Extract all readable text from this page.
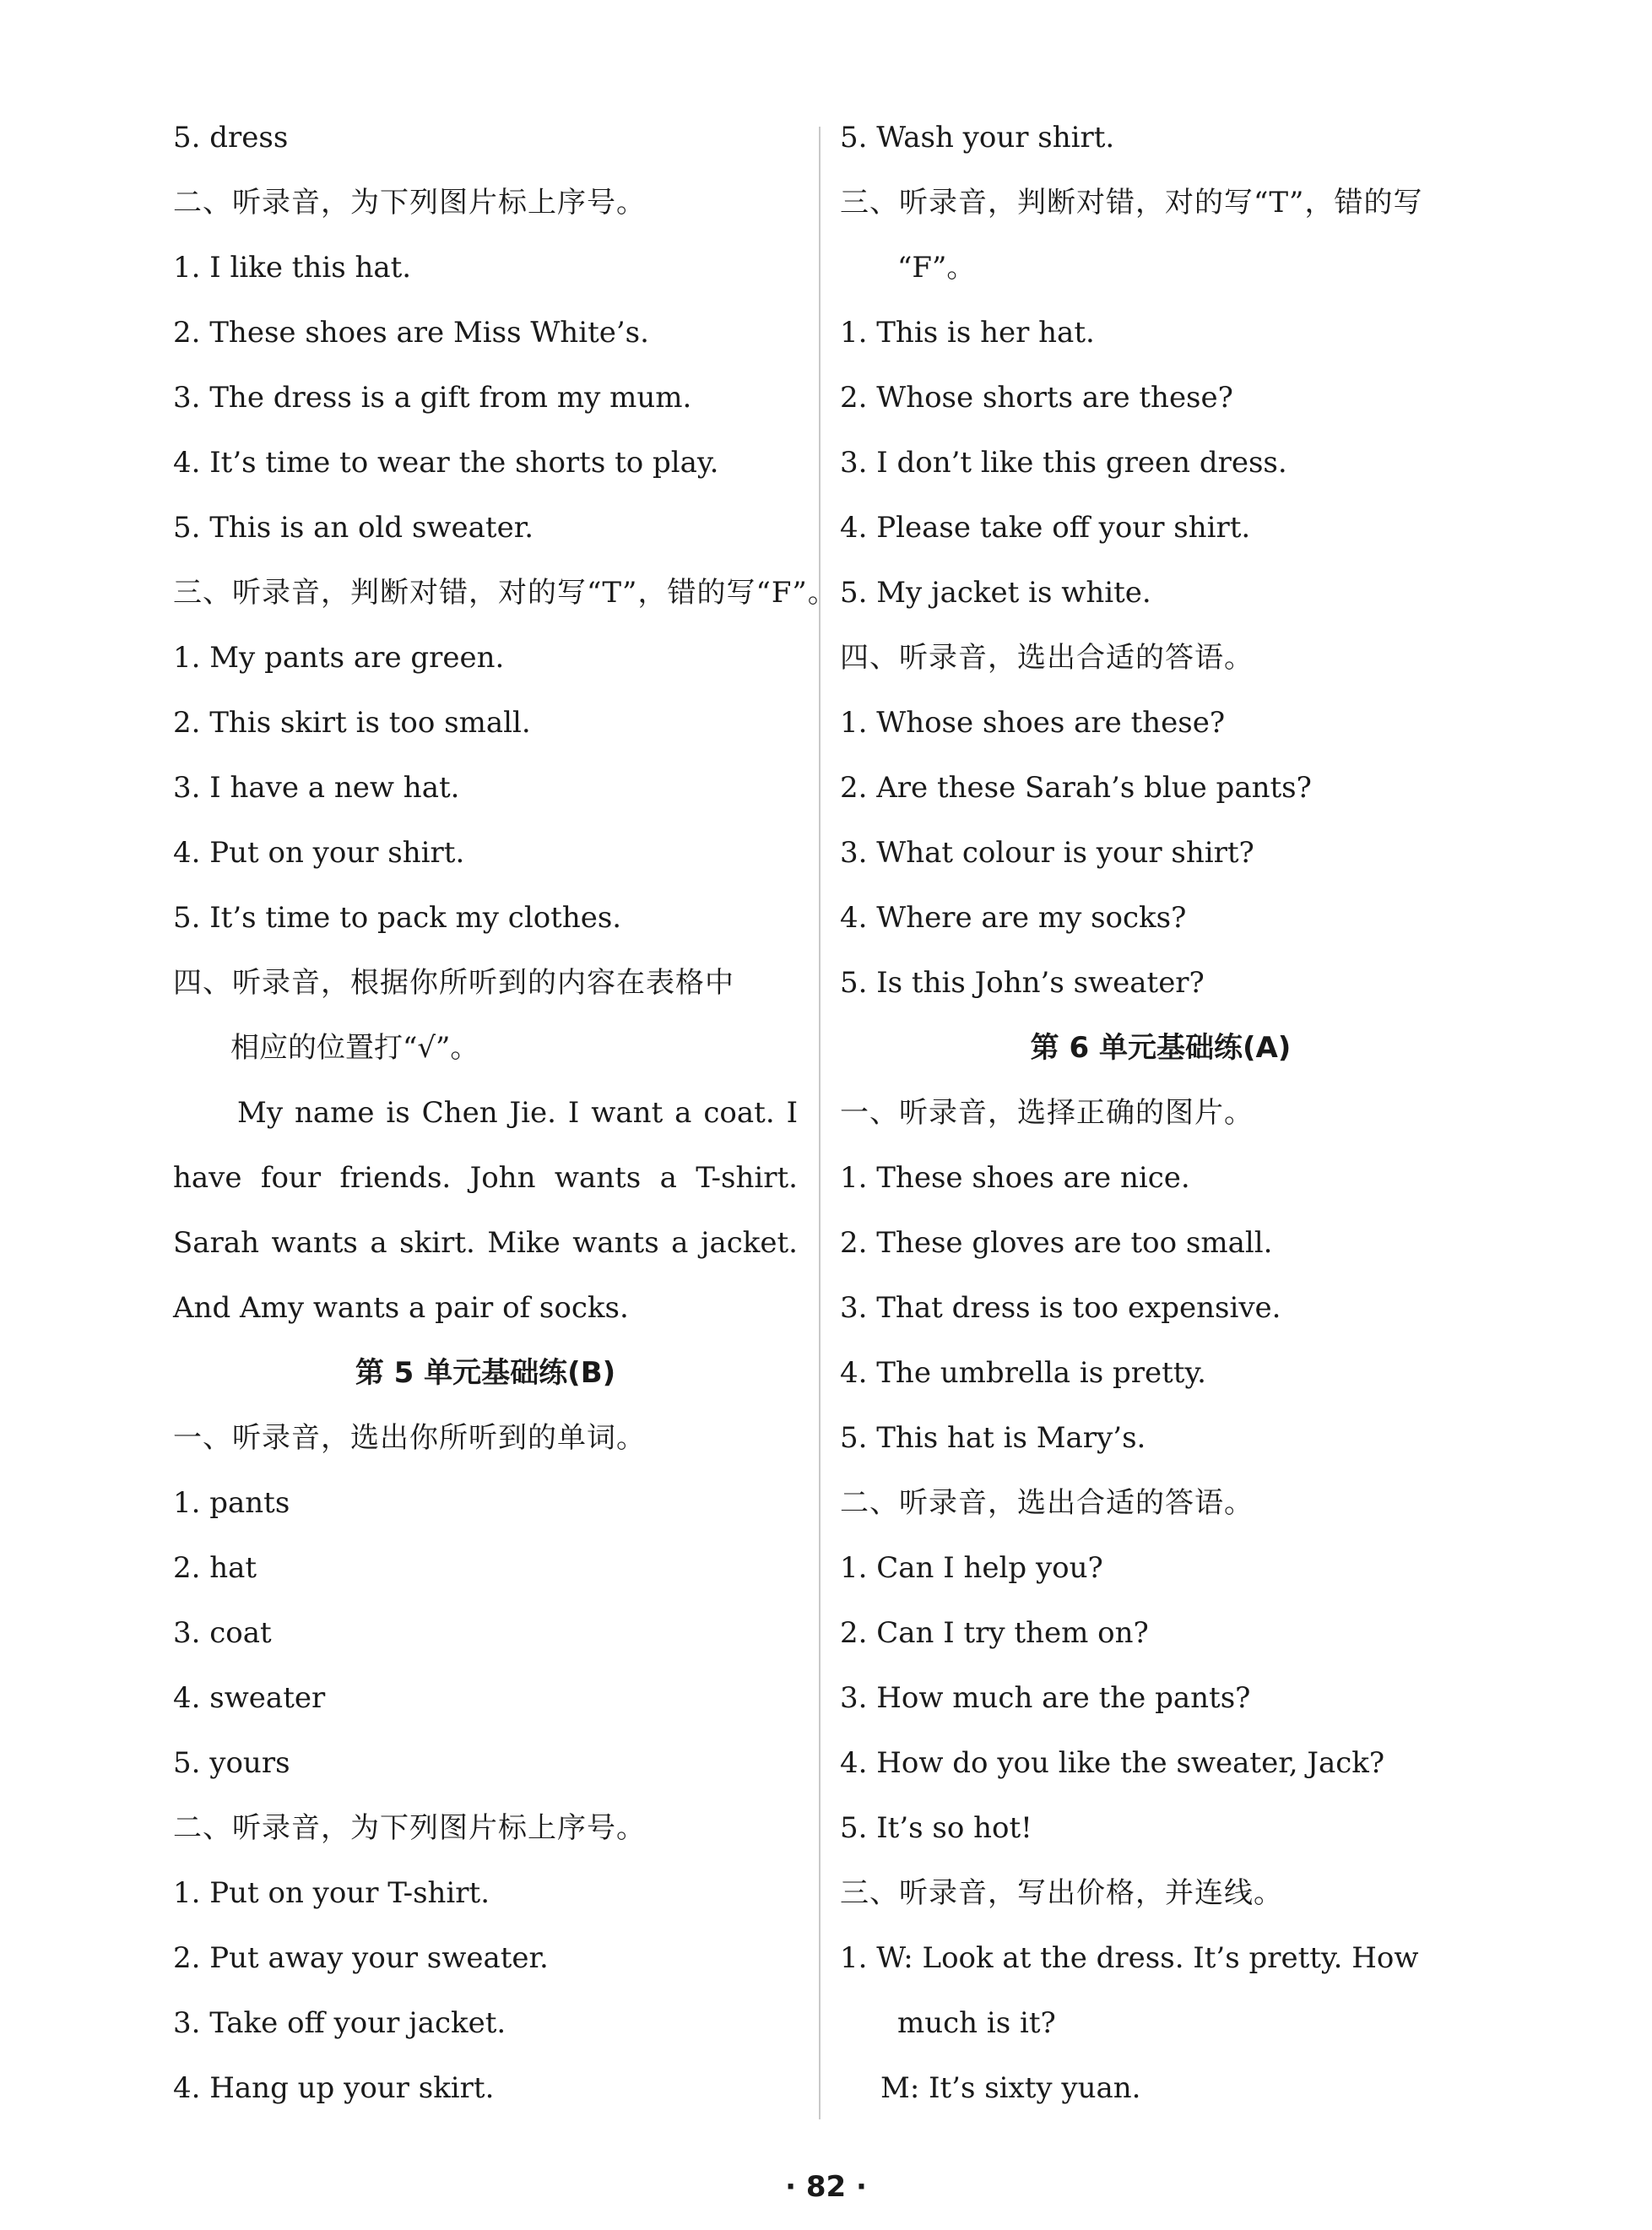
5. dress
二、听录音，为下列图片标上序号。
1. I like this hat.
2. These shoes are Miss White’s.
3. The dress is a gift from my mum.
4. It’s time to wear the shorts to play.
5. This is an old sweater.
三、听录音，判断对错，对的写“T”，错的写“F”。
1. My pants are green.
2. This skirt is too small.
3. I have a new hat.
4. Put on your shirt.
5. It’s time to pack my clothes.
四、听录音，根据你所听到的内容在表格中
相应的位置打“√”。
My name is Chen Jie. I want a coat. I
have four friends. John wants a T-shirt.
Sarah wants a skirt. Mike wants a jacket.
And Amy wants a pair of socks.
第 5 单元基础练(B)
一、听录音，选出你所听到的单词。
1. pants
2. hat
3. coat
4. sweater
5. yours
二、听录音，为下列图片标上序号。
1. Put on your T-shirt.
2. Put away your sweater.
3. Take off your jacket.
4. Hang up your skirt.
5. Wash your shirt.
三、听录音，判断对错，对的写“T”，错的写
“F”。
1. This is her hat.
2. Whose shorts are these?
3. I don’t like this green dress.
4. Please take off your shirt.
5. My jacket is white.
四、听录音，选出合适的答语。
1. Whose shoes are these?
2. Are these Sarah’s blue pants?
3. What colour is your shirt?
4. Where are my socks?
5. Is this John’s sweater?
第 6 单元基础练(A)
一、听录音，选择正确的图片。
1. These shoes are nice.
2. These gloves are too small.
3. That dress is too expensive.
4. The umbrella is pretty.
5. This hat is Mary’s.
二、听录音，选出合适的答语。
1. Can I help you?
2. Can I try them on?
3. How much are the pants?
4. How do you like the sweater, Jack?
5. It’s so hot!
三、听录音，写出价格，并连线。
1. W: Look at the dress. It’s pretty. How
much is it?
M: It’s sixty yuan.
· 82 ·
